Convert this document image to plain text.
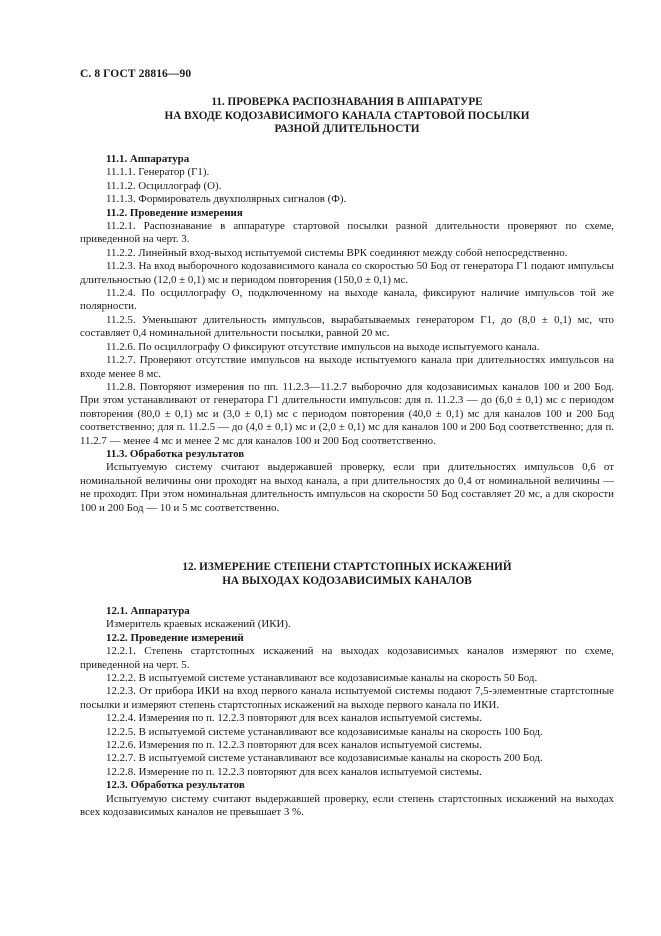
С. 8 ГОСТ 28816—90
11. ПРОВЕРКА РАСПОЗНАВАНИЯ В АППАРАТУРЕ
НА ВХОДЕ КОДОЗАВИСИМОГО КАНАЛА СТАРТОВОЙ ПОСЫЛКИ
РАЗНОЙ ДЛИТЕЛЬНОСТИ

11.1. Аппаратура

11.1.1. Генератор (Г1).

11.1.2. Осциллограф (О).

11.1.3. Формирователь двухполярных сигналов (Ф).

11.2. Проведение измерения

11.2.1. Распознавание в аппаратуре стартовой посылки разной длительности проверяют по схеме, приведенной на черт. 3.

11.2.2. Линейный вход-выход испытуемой системы ВРК соединяют между собой непосредственно.

11.2.3. На вход выборочного кодозависимого канала со скоростью 50 Бод от генератора Г1 подают импульсы длительностью (12,0 ± 0,1) мс и периодом повторения (150,0 ± 0,1) мс.

11.2.4. По осциллографу О, подключенному на выходе канала, фиксируют наличие импульсов той же полярности.

11.2.5. Уменьшают длительность импульсов, вырабатываемых генератором Г1, до (8,0 ± 0,1) мс, что составляет 0,4 номинальной длительности посылки, равной 20 мс.

11.2.6. По осциллографу О фиксируют отсутствие импульсов на выходе испытуемого канала.

11.2.7. Проверяют отсутствие импульсов на выходе испытуемого канала при длительностях импульсов на входе менее 8 мс.

11.2.8. Повторяют измерения по пп. 11.2.3—11.2.7 выборочно для кодозависимых каналов 100 и 200 Бод. При этом устанавливают от генератора Г1 длительности импульсов: для п. 11.2.3 — до (6,0 ± 0,1) мс с периодом повторения (80,0 ± 0,1) мс и (3,0 ± 0,1) мс с периодом повторения (40,0 ± 0,1) мс для каналов 100 и 200 Бод соответственно; для п. 11.2.5 — до (4,0 ± 0,1) мс и (2,0 ± 0,1) мс для каналов 100 и 200 Бод соответственно; для п. 11.2.7 — менее 4 мс и менее 2 мс для каналов 100 и 200 Бод соответственно.

11.3. Обработка результатов

Испытуемую систему считают выдержавшей проверку, если при длительностях импульсов 0,6 от номинальной величины они проходят на выход канала, а при длительностях до 0,4 от номинальной величины — не проходят. При этом номинальная длительность импульсов на скорости 50 Бод составляет 20 мс, а для скорости 100 и 200 Бод — 10 и 5 мс соответственно.

12. ИЗМЕРЕНИЕ СТЕПЕНИ СТАРТСТОПНЫХ ИСКАЖЕНИЙ
НА ВЫХОДАХ КОДОЗАВИСИМЫХ КАНАЛОВ

12.1. Аппаратура

Измеритель краевых искажений (ИКИ).

12.2. Проведение измерений

12.2.1. Степень стартстопных искажений на выходах кодозависимых каналов измеряют по схеме, приведенной на черт. 5.

12.2.2. В испытуемой системе устанавливают все кодозависимые каналы на скорость 50 Бод.

12.2.3. От прибора ИКИ на вход первого канала испытуемой системы подают 7,5-элементные стартстопные посылки и измеряют степень стартстопных искажений на выходе первого канала по ИКИ.

12.2.4. Измерения по п. 12.2.3 повторяют для всех каналов испытуемой системы.

12.2.5. В испытуемой системе устанавливают все кодозависимые каналы на скорость 100 Бод.

12.2.6. Измерения по п. 12.2.3 повторяют для всех каналов испытуемой системы.

12.2.7. В испытуемой системе устанавливают все кодозависимые каналы на скорость 200 Бод.

12.2.8. Измерение по п. 12.2.3 повторяют для всех каналов испытуемой системы.

12.3. Обработка результатов

Испытуемую систему считают выдержавшей проверку, если степень стартстопных искажений на выходах всех кодозависимых каналов не превышает 3 %.
